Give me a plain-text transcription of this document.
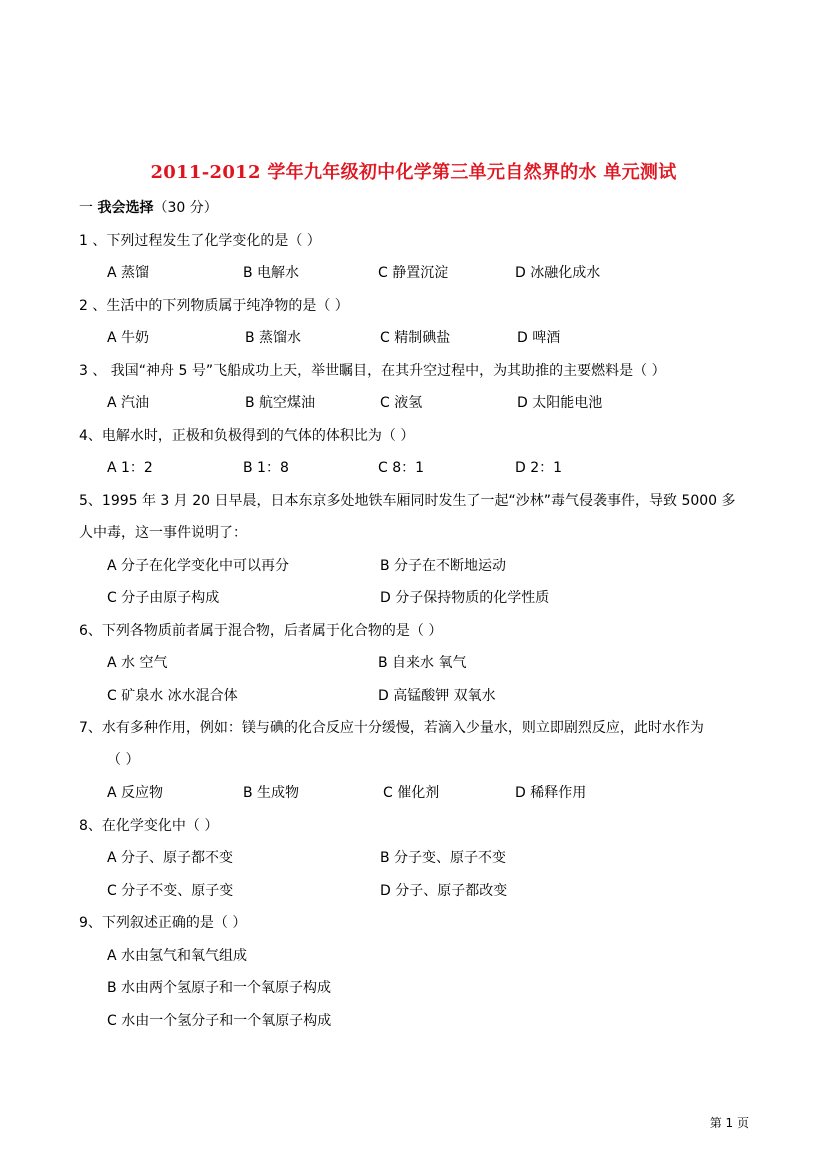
2011-2012 学年九年级初中化学第三单元自然界的水 单元测试
一 我会选择（30 分）
1 、下列过程发生了化学变化的是（ ）
A 蒸馏	B 电解水	C 静置沉淀	D 冰融化成水
2 、生活中的下列物质属于纯净物的是（ ）
A 牛奶	B 蒸馏水	C 精制碘盐	D 啤酒
3 、 我国“神舟 5 号”飞船成功上天，举世瞩目，在其升空过程中，为其助推的主要燃料是（ ）
A 汽油	B 航空煤油	C 液氢	D 太阳能电池
4、电解水时，正极和负极得到的气体的体积比为（ ）
A 1：2	B 1：8	C 8：1	D 2：1
5、1995 年 3 月 20 日早晨，日本东京多处地铁车厢同时发生了一起“沙林”毒气侵袭事件，导致 5000 多
人中毒，这一事件说明了：
A 分子在化学变化中可以再分	B 分子在不断地运动
C 分子由原子构成	D 分子保持物质的化学性质
6、下列各物质前者属于混合物，后者属于化合物的是（ ）
A 水 空气	B 自来水 氧气
C 矿泉水 冰水混合体	D 高锰酸钾 双氧水
7、水有多种作用，例如：镁与碘的化合反应十分缓慢，若滴入少量水，则立即剧烈反应，此时水作为
（ ）
A 反应物	B 生成物	C 催化剂	D 稀释作用
8、在化学变化中（ ）
A 分子、原子都不变	B 分子变、原子不变
C 分子不变、原子变	D 分子、原子都改变
9、下列叙述正确的是（ ）
A 水由氢气和氧气组成
B 水由两个氢原子和一个氧原子构成
C 水由一个氢分子和一个氧原子构成
第 1 页
